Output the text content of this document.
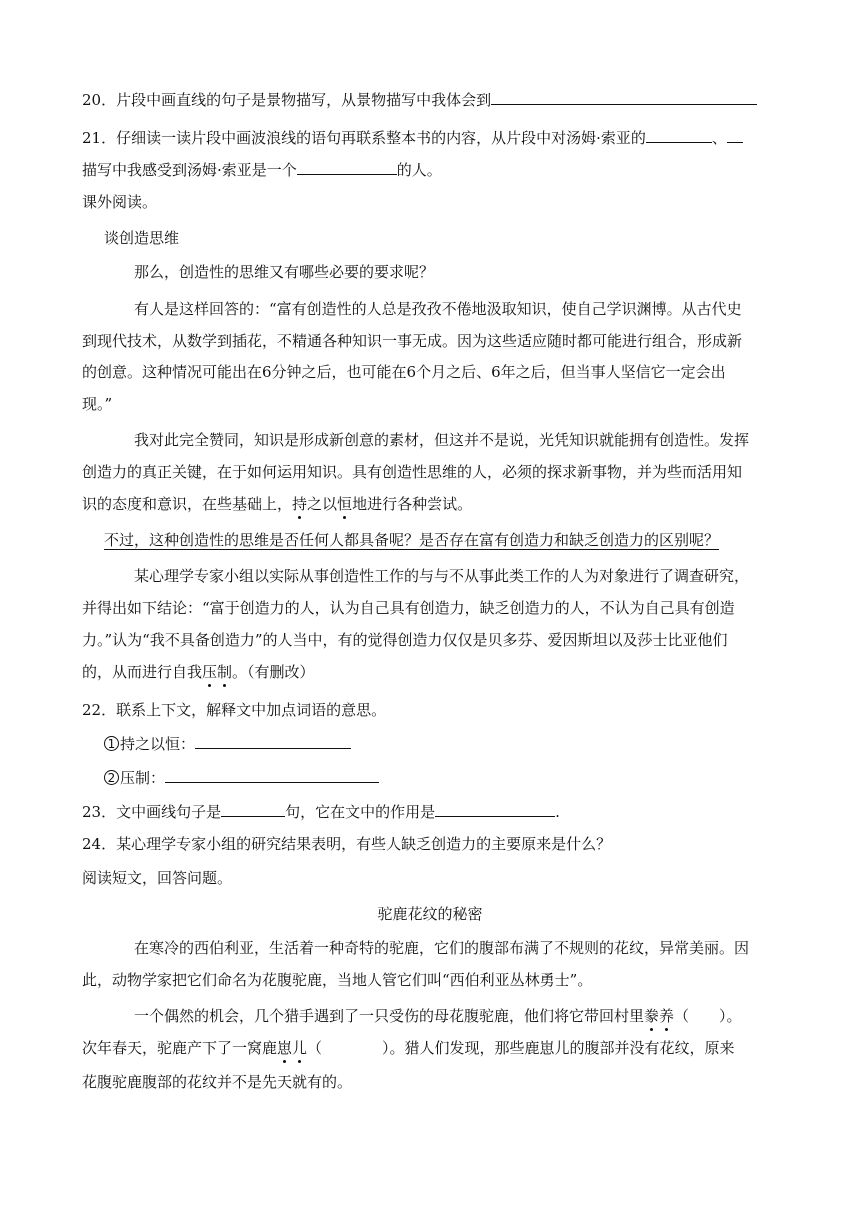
20．片段中画直线的句子是景物描写，从景物描写中我体会到
21．仔细读一读片段中画波浪线的语句再联系整本书的内容，从片段中对汤姆·索亚的	、
描写中我感受到汤姆·索亚是一个	的人。
课外阅读。
谈创造思维
那么，创造性的思维又有哪些必要的要求呢？
有人是这样回答的：“富有创造性的人总是孜孜不倦地汲取知识，使自己学识渊博。从古代史
到现代技术，从数学到插花，不精通各种知识一事无成。因为这些适应随时都可能进行组合，形成新
的创意。这种情况可能出在6分钟之后，也可能在6个月之后、6年之后，但当事人坚信它一定会出
现。”
我对此完全赞同，知识是形成新创意的素材，但这并不是说，光凭知识就能拥有创造性。发挥
创造力的真正关键，在于如何运用知识。具有创造性思维的人，必须的探求新事物，并为些而活用知
识的态度和意识，在些基础上，持之以恒地进行各种尝试。
不过，这种创造性的思维是否任何人都具备呢？是否存在富有创造力和缺乏创造力的区别呢？
某心理学专家小组以实际从事创造性工作的与与不从事此类工作的人为对象进行了调查研究，
并得出如下结论：“富于创造力的人，认为自己具有创造力，缺乏创造力的人，不认为自己具有创造
力。”认为“我不具备创造力”的人当中，有的觉得创造力仅仅是贝多芬、爱因斯坦以及莎士比亚他们
的，从而进行自我压制。（有删改）
22．联系上下文，解释文中加点词语的意思。
1 持之以恒：
2 压制：
23．文中画线句子是	句，它在文中的作用是	.
24．某心理学专家小组的研究结果表明，有些人缺乏创造力的主要原来是什么？
阅读短文，回答问题。
驼鹿花纹的秘密
在寒冷的西伯利亚，生活着一种奇特的驼鹿，它们的腹部布满了不规则的花纹，异常美丽。因
此，动物学家把它们命名为花腹驼鹿，当地人管它们叫“西伯利亚丛林勇士”。
一个偶然的机会，几个猎手遇到了一只受伤的母花腹驼鹿，他们将它带回村里豢养（　　）。
次年春天，驼鹿产下了一窝鹿崽儿（　　　　）。猎人们发现，那些鹿崽儿的腹部并没有花纹，原来
花腹驼鹿腹部的花纹并不是先天就有的。
